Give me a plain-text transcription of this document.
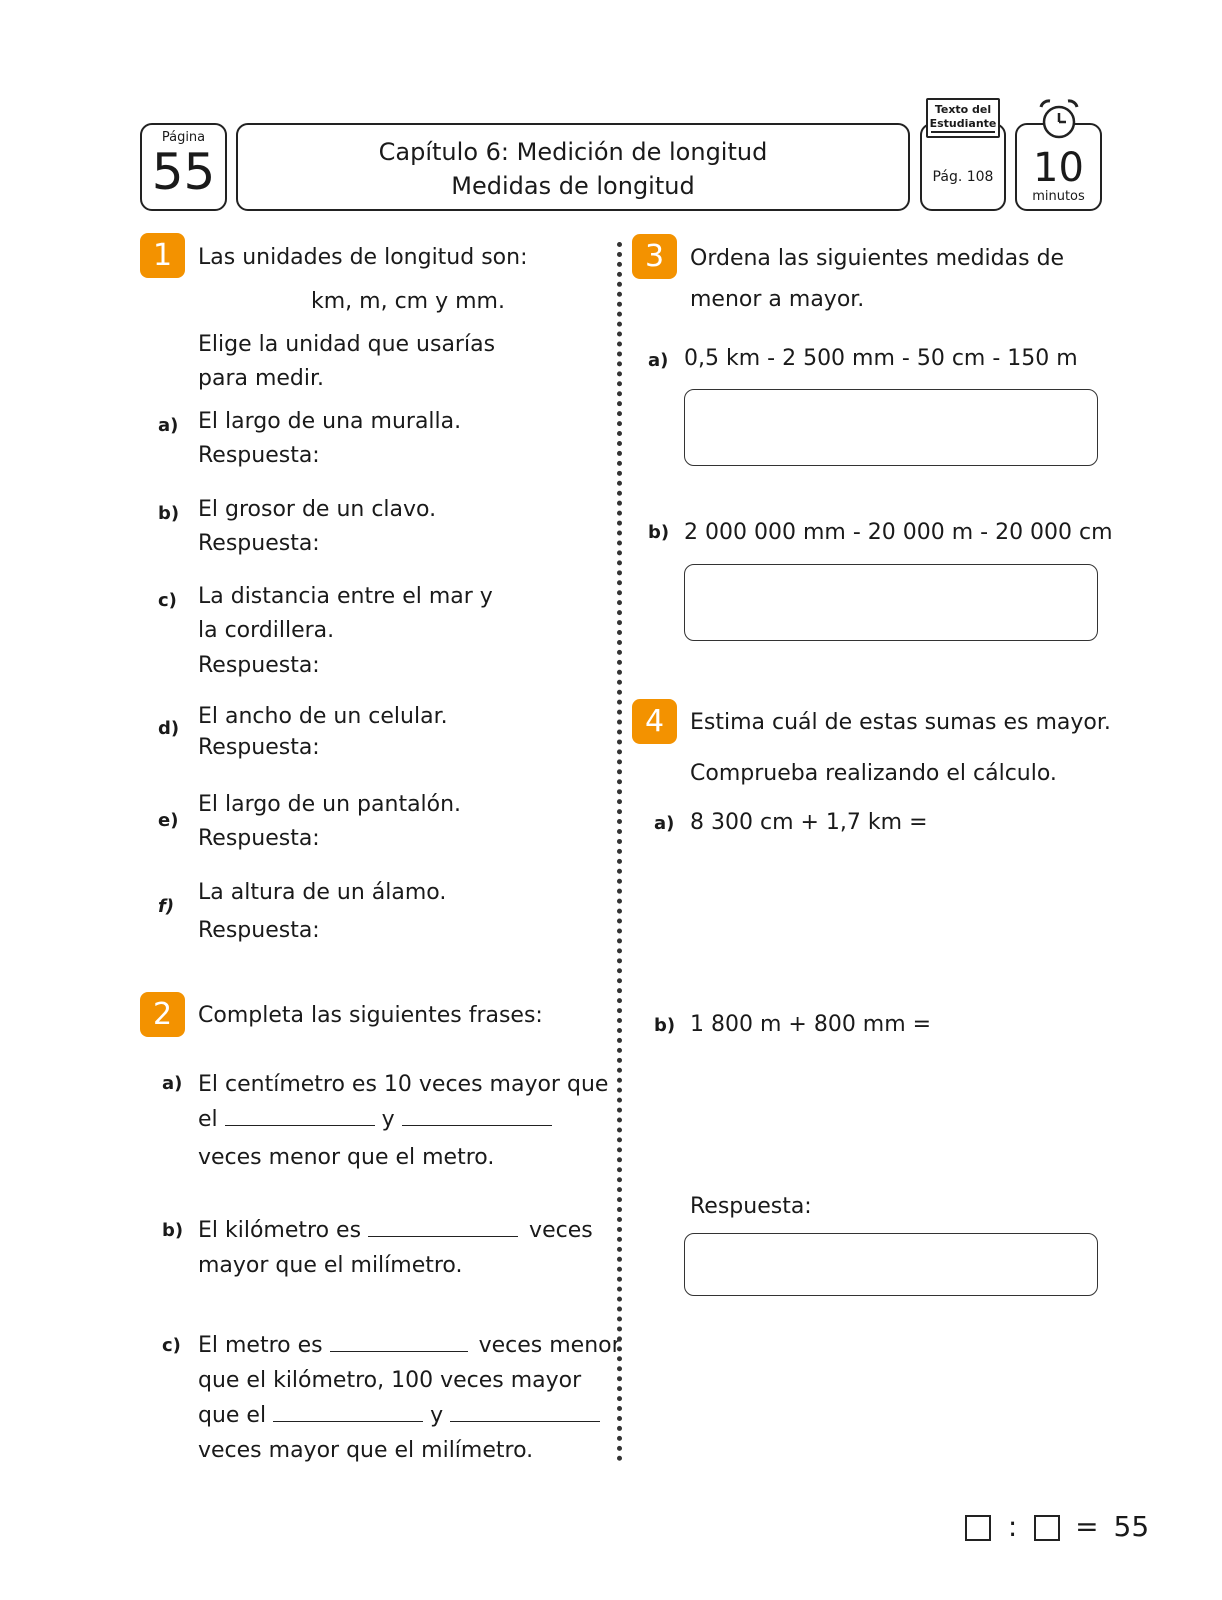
Página
55	Capítulo 6: Medición de longitud
Medidas de longitud	Pág. 108
Texto del
Estudiante
10
minutos
1	Las unidades de longitud son:
km, m, cm y mm.
Elige la unidad que usarías
para medir.
a) El largo de una muralla.
Respuesta:
b) El grosor de un clavo.
Respuesta:
c) La distancia entre el mar y
la cordillera.
Respuesta:
d) El ancho de un celular.
Respuesta:
e)
El largo de un pantalón.
Respuesta:
f)
La altura de un álamo.
Respuesta:
2	Completa las siguientes frases:
a) El centímetro es 10 veces mayor que
el	y
veces menor que el metro.
b) El kilómetro es	veces
mayor que el milímetro.
c) El metro es	veces menor
que el kilómetro, 100 veces mayor
que el	y
veces mayor que el milímetro.
3	Ordena las siguientes medidas de
menor a mayor.
a) 0,5 km - 2 500 mm - 50 cm - 150 m
b) 2 000 000 mm - 20 000 m - 20 000 cm
4	Estima cuál de estas sumas es mayor.
Comprueba realizando el cálculo.
a) 8 300 cm + 1,7 km =
b) 1 800 m + 800 mm =
Respuesta:
: = 55
